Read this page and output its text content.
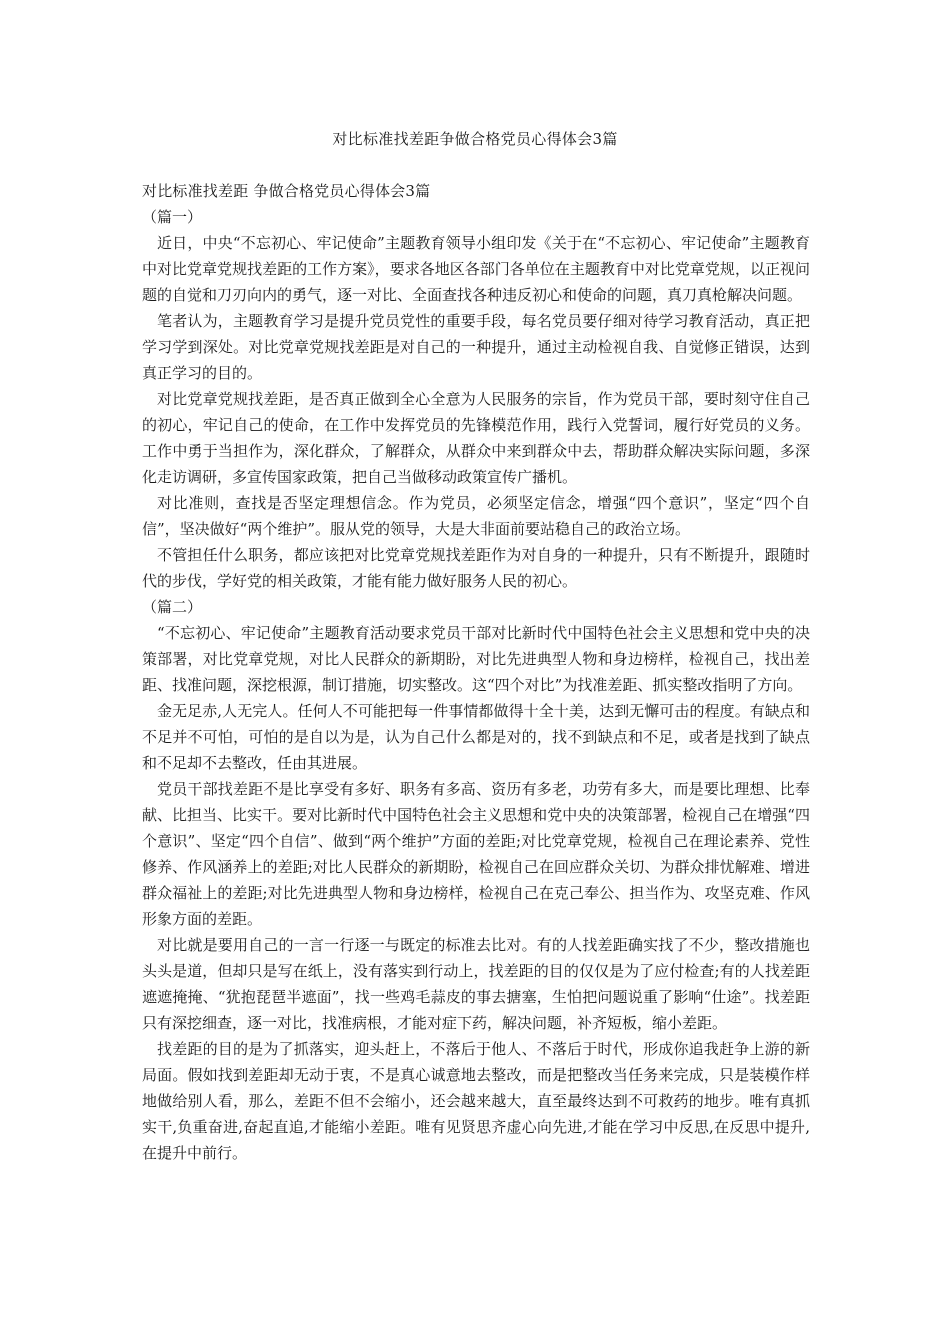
对比标准找差距争做合格党员心得体会3篇

对比标准找差距 争做合格党员心得体会3篇

（篇一）

近日，中央“不忘初心、牢记使命”主题教育领导小组印发《关于在“不忘初心、牢记使命”主题教育中对比党章党规找差距的工作方案》，要求各地区各部门各单位在主题教育中对比党章党规，以正视问题的自觉和刀刃向内的勇气，逐一对比、全面查找各种违反初心和使命的问题，真刀真枪解决问题。

笔者认为，主题教育学习是提升党员党性的重要手段，每名党员要仔细对待学习教育活动，真正把学习学到深处。对比党章党规找差距是对自己的一种提升，通过主动检视自我、自觉修正错误，达到真正学习的目的。

对比党章党规找差距，是否真正做到全心全意为人民服务的宗旨，作为党员干部，要时刻守住自己的初心，牢记自己的使命，在工作中发挥党员的先锋模范作用，践行入党誓词，履行好党员的义务。工作中勇于当担作为，深化群众，了解群众，从群众中来到群众中去，帮助群众解决实际问题，多深化走访调研，多宣传国家政策，把自己当做移动政策宣传广播机。

对比准则，查找是否坚定理想信念。作为党员，必须坚定信念，增强“四个意识”，坚定“四个自信”，坚决做好“两个维护”。服从党的领导，大是大非面前要站稳自己的政治立场。

不管担任什么职务，都应该把对比党章党规找差距作为对自身的一种提升，只有不断提升，跟随时代的步伐，学好党的相关政策，才能有能力做好服务人民的初心。

（篇二）

“不忘初心、牢记使命”主题教育活动要求党员干部对比新时代中国特色社会主义思想和党中央的决策部署，对比党章党规，对比人民群众的新期盼，对比先进典型人物和身边榜样，检视自己，找出差距、找准问题，深挖根源，制订措施，切实整改。这“四个对比”为找准差距、抓实整改指明了方向。

金无足赤,人无完人。任何人不可能把每一件事情都做得十全十美，达到无懈可击的程度。有缺点和不足并不可怕，可怕的是自以为是，认为自己什么都是对的，找不到缺点和不足，或者是找到了缺点和不足却不去整改，任由其进展。

党员干部找差距不是比享受有多好、职务有多高、资历有多老，功劳有多大，而是要比理想、比奉献、比担当、比实干。要对比新时代中国特色社会主义思想和党中央的决策部署，检视自己在增强“四个意识”、坚定“四个自信”、做到“两个维护”方面的差距;对比党章党规，检视自己在理论素养、党性修养、作风涵养上的差距;对比人民群众的新期盼，检视自己在回应群众关切、为群众排忧解难、增进群众福祉上的差距;对比先进典型人物和身边榜样，检视自己在克己奉公、担当作为、攻坚克难、作风形象方面的差距。

对比就是要用自己的一言一行逐一与既定的标准去比对。有的人找差距确实找了不少，整改措施也头头是道，但却只是写在纸上，没有落实到行动上，找差距的目的仅仅是为了应付检查;有的人找差距遮遮掩掩、“犹抱琵琶半遮面”，找一些鸡毛蒜皮的事去搪塞，生怕把问题说重了影响“仕途”。找差距只有深挖细查，逐一对比，找准病根，才能对症下药，解决问题，补齐短板，缩小差距。

找差距的目的是为了抓落实，迎头赶上，不落后于他人、不落后于时代，形成你追我赶争上游的新局面。假如找到差距却无动于衷，不是真心诚意地去整改，而是把整改当任务来完成，只是装模作样地做给别人看，那么，差距不但不会缩小，还会越来越大，直至最终达到不可救药的地步。唯有真抓实干,负重奋进,奋起直追,才能缩小差距。唯有见贤思齐虚心向先进,才能在学习中反思,在反思中提升,在提升中前行。
